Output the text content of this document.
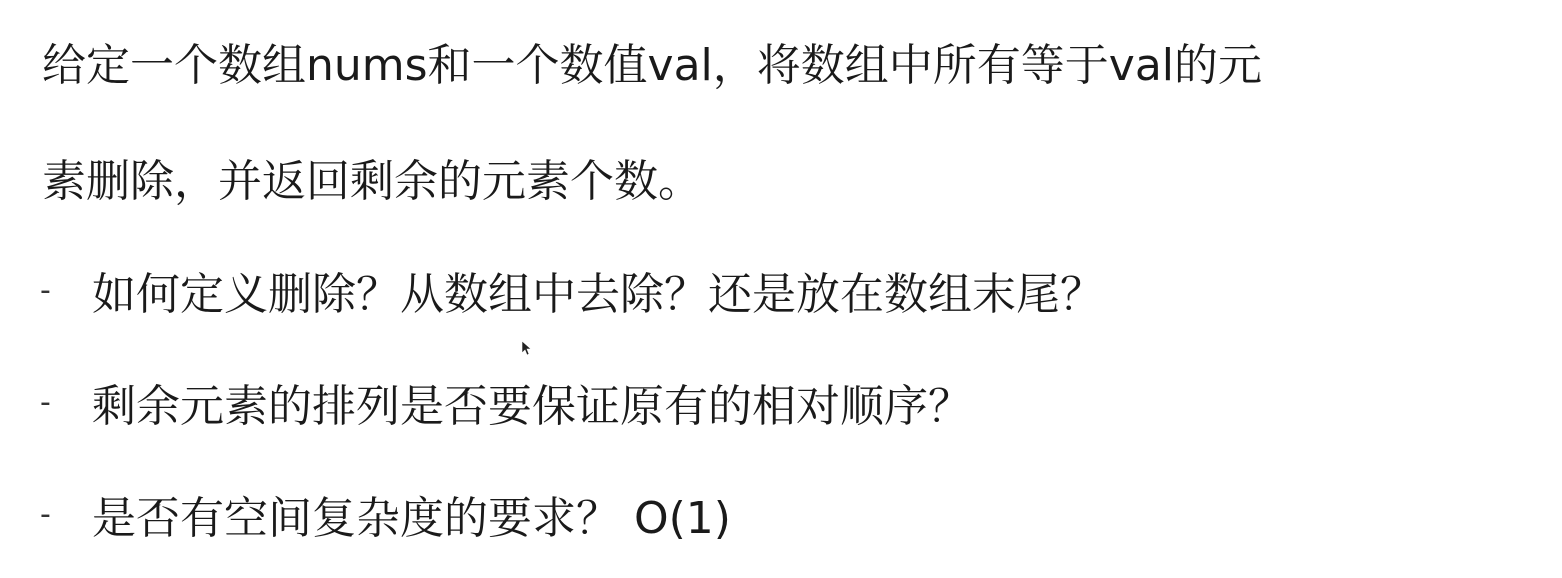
给定一个数组nums和一个数值val，将数组中所有等于val的元
素删除，并返回剩余的元素个数。

- 如何定义删除？从数组中去除？还是放在数组末尾？
- 剩余元素的排列是否要保证原有的相对顺序？
- 是否有空间复杂度的要求？ O(1)
